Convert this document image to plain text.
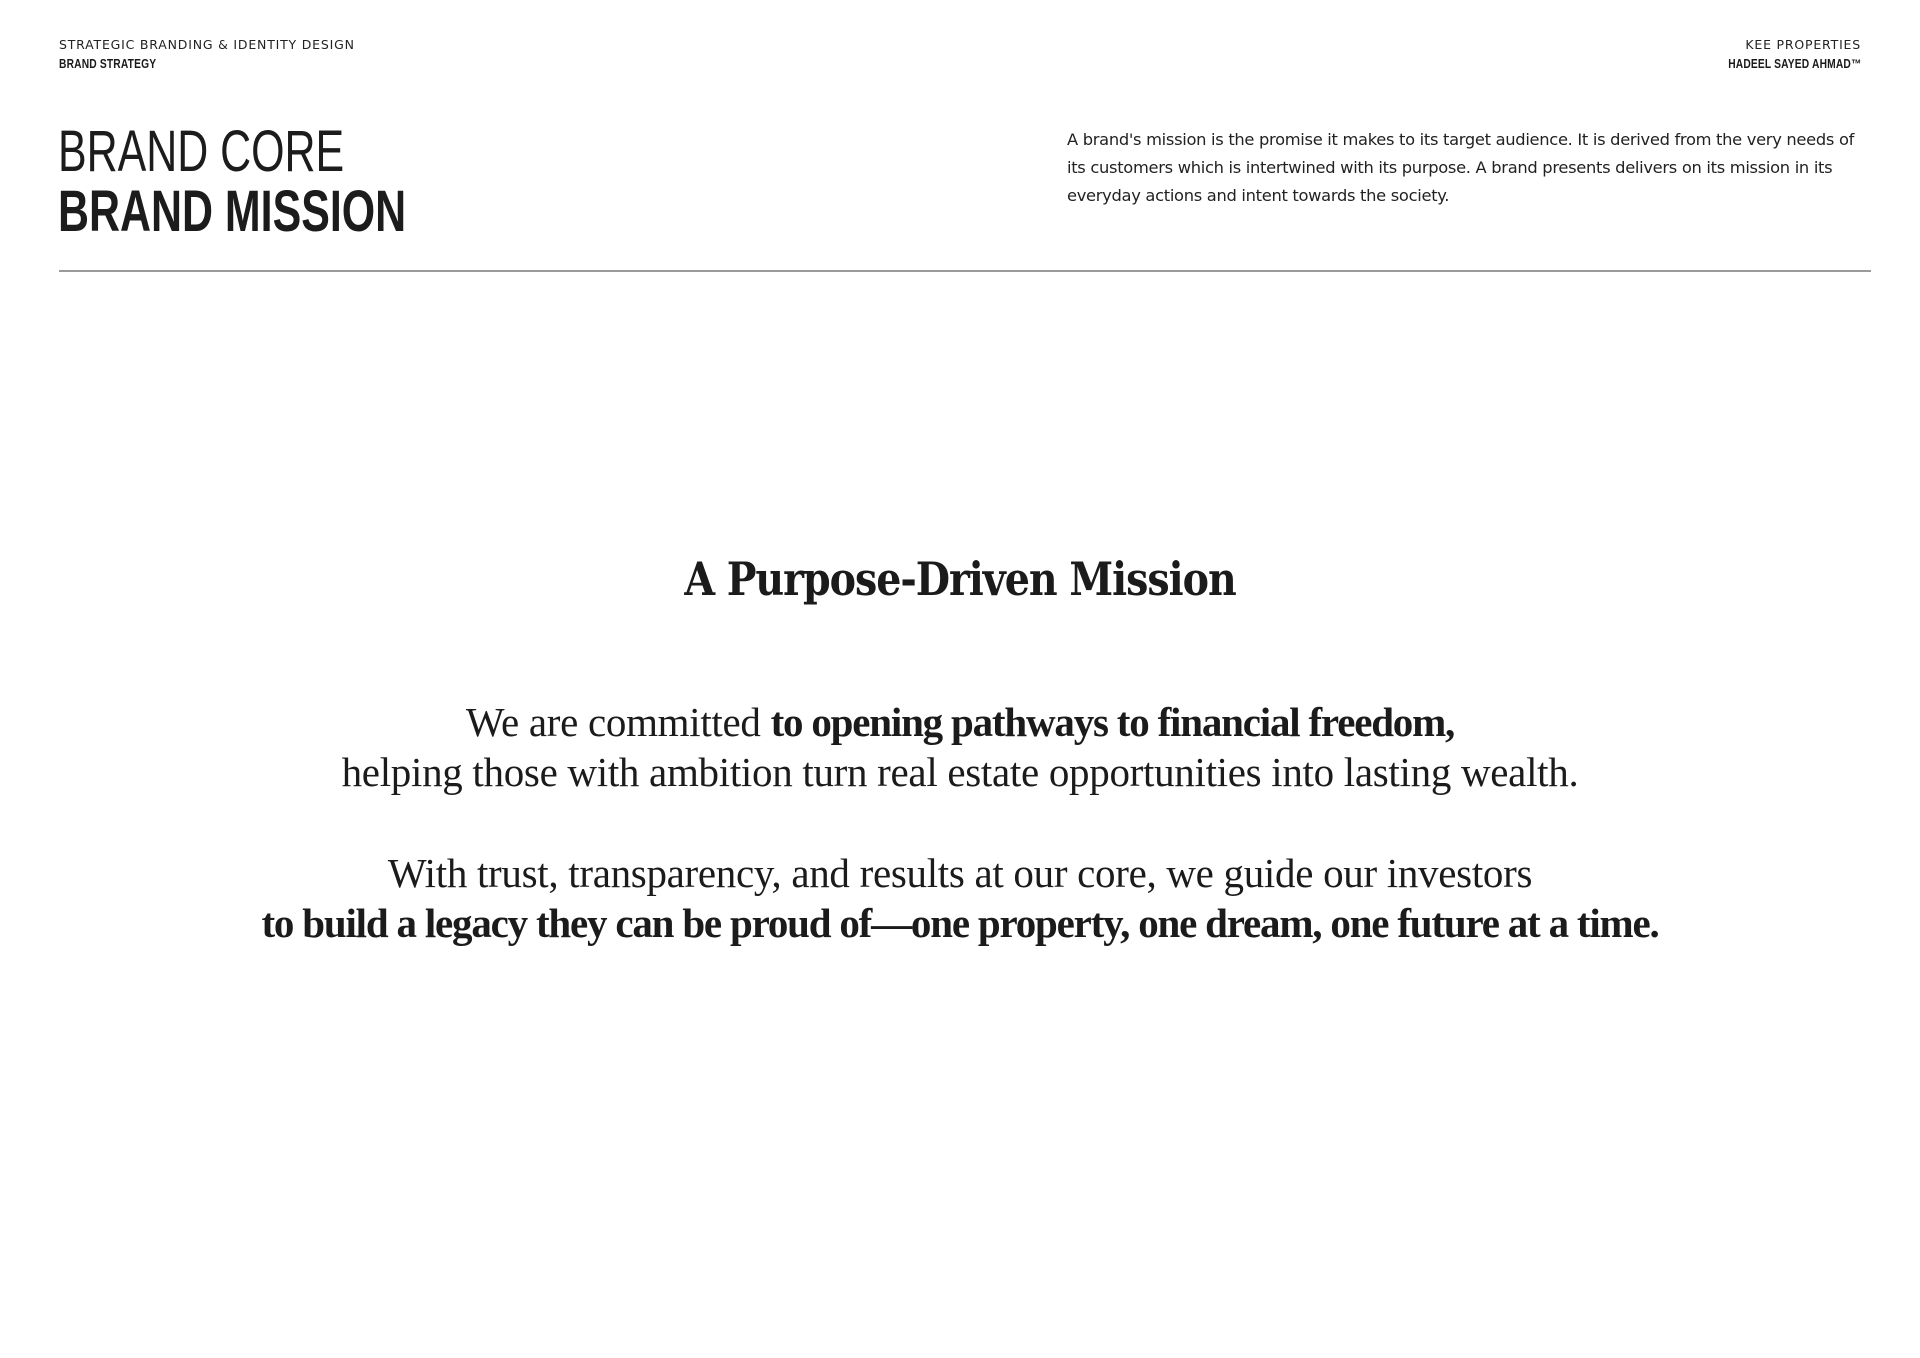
STRATEGIC BRANDING & IDENTITY DESIGN
BRAND STRATEGY
KEE PROPERTIES
HADEEL SAYED AHMAD™
BRAND CORE
BRAND MISSION
A brand's mission is the promise it makes to its target audience. It is derived from the very needs of
its customers which is intertwined with its purpose. A brand presents delivers on its mission in its
everyday actions and intent towards the society.
A Purpose-Driven Mission
We are committed to opening pathways to financial freedom,
helping those with ambition turn real estate opportunities into lasting wealth.
With trust, transparency, and results at our core, we guide our investors
to build a legacy they can be proud of—one property, one dream, one future at a time.
